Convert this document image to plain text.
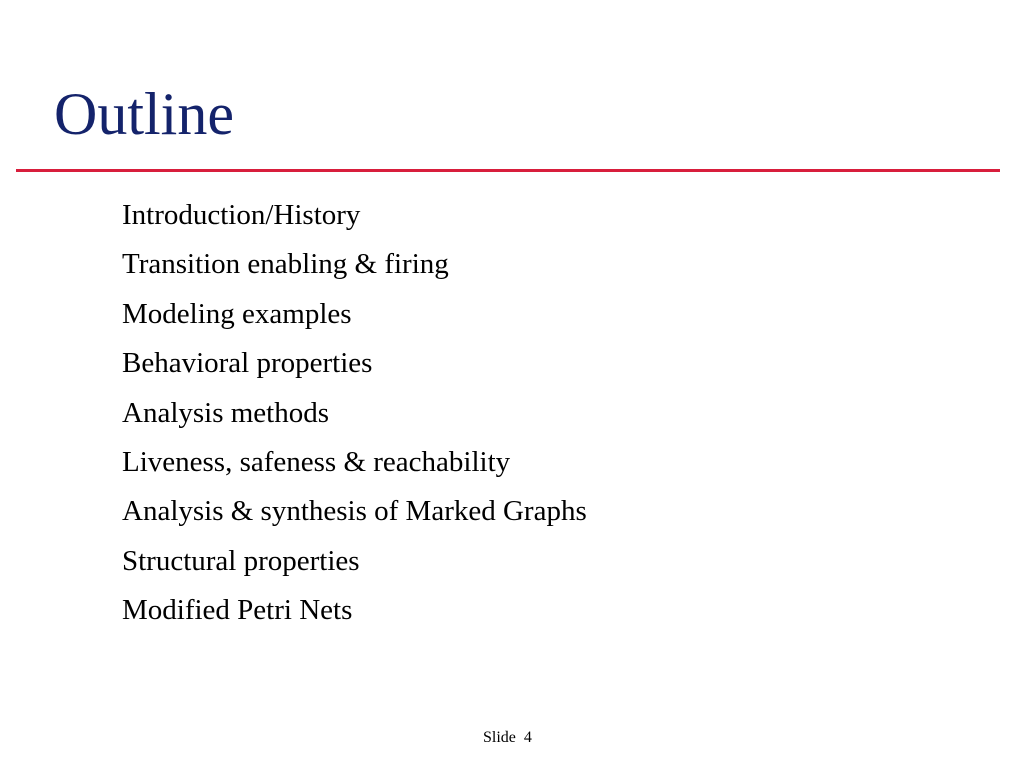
Outline
Introduction/History
Transition enabling & firing
Modeling examples
Behavioral properties
Analysis methods
Liveness, safeness & reachability
Analysis & synthesis of Marked Graphs
Structural properties
Modified Petri Nets
Slide 4
